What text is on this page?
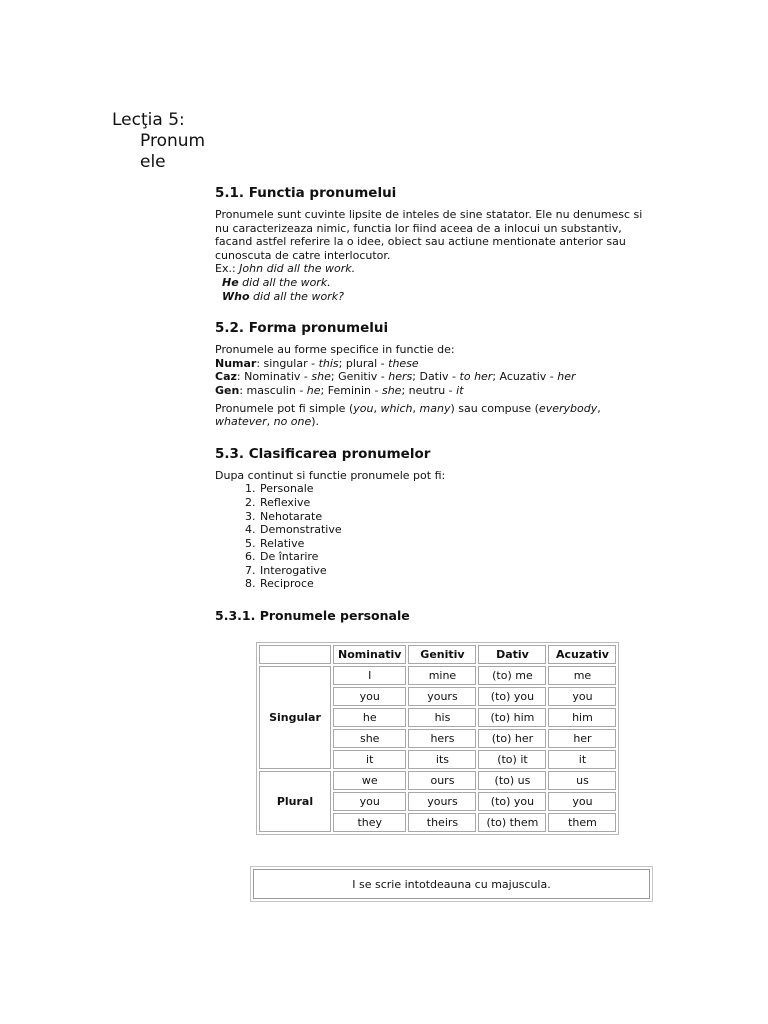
Lecţia 5:
Pronum
ele
5.1. Functia pronumelui

Pronumele sunt cuvinte lipsite de inteles de sine statator. Ele nu denumesc si nu caracterizeaza nimic, functia lor fiind aceea de a inlocui un substantiv, facand astfel referire la o idee, obiect sau actiune mentionate anterior sau cunoscuta de catre interlocutor.

Ex.: John did all the work.

He did all the work.

Who did all the work?

5.2. Forma pronumelui

Pronumele au forme specifice in functie de:

Numar: singular - this; plural - these

Caz: Nominativ - she; Genitiv - hers; Dativ - to her; Acuzativ - her

Gen: masculin - he; Feminin - she; neutru - it

Pronumele pot fi simple (you, which, many) sau compuse (everybody, whatever, no one).

5.3. Clasificarea pronumelor

Dupa continut si functie pronumele pot fi:

1. Personale
2. Reflexive
3. Nehotarate
4. Demonstrative
5. Relative
6. De întarire
7. Interogative
8. Reciproce
5.3.1. Pronumele personale
	Nominativ	Genitiv	Dativ	Acuzativ
Singular	I	mine	(to) me	me
	you	yours	(to) you	you
	he	his	(to) him	him
	she	hers	(to) her	her
	it	its	(to) it	it
Plural	we	ours	(to) us	us
	you	yours	(to) you	you
	they	theirs	(to) them	them
I se scrie intotdeauna cu majuscula.
